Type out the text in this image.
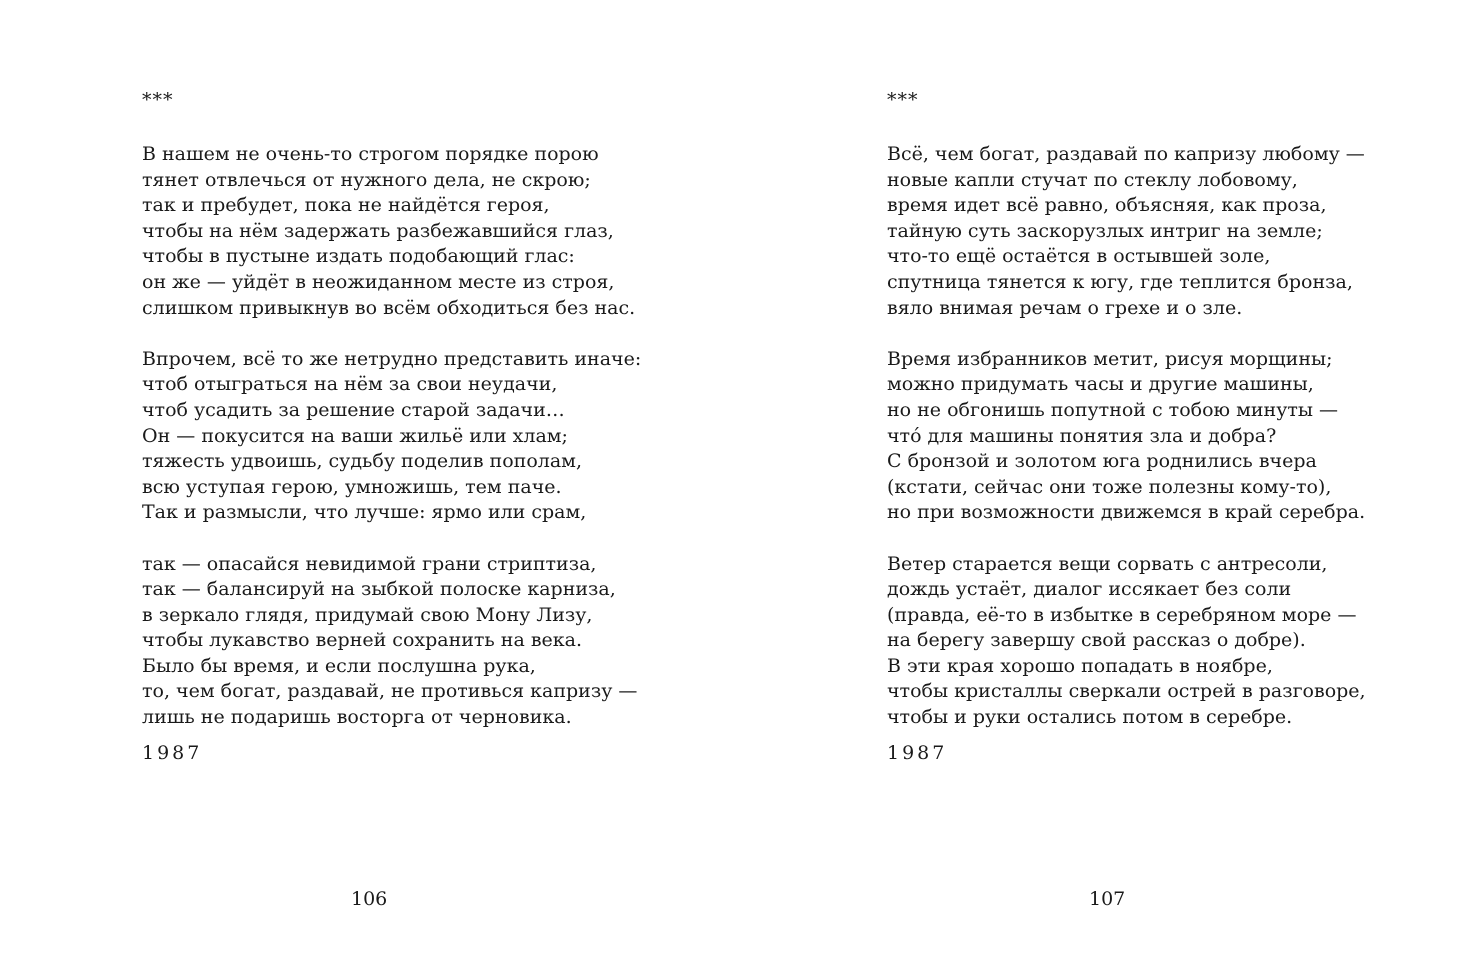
***
В нашем не очень-то строгом порядке порою
тянет отвлечься от нужного дела, не скрою;
так и пребудет, пока не найдётся героя,
чтобы на нём задержать разбежавшийся глаз,
чтобы в пустыне издать подобающий глас:
он же — уйдёт в неожиданном месте из строя,
слишком привыкнув во всём обходиться без нас.
Впрочем, всё то же нетрудно представить иначе:
чтоб отыграться на нём за свои неудачи,
чтоб усадить за решение старой задачи…
Он — покусится на ваши жильё или хлам;
тяжесть удвоишь, судьбу поделив пополам,
всю уступая герою, умножишь, тем паче.
Так и размысли, что лучше: ярмо или срам,
так — опасайся невидимой грани стриптиза,
так — балансируй на зыбкой полоске карниза,
в зеркало глядя, придумай свою Мону Лизу,
чтобы лукавство верней сохранить на века.
Было бы время, и если послушна рука,
то, чем богат, раздавай, не противься капризу —
лишь не подаришь восторга от черновика.
1987
106
***
Всё, чем богат, раздавай по капризу любому —
новые капли стучат по стеклу лобовому,
время идет всё равно, объясняя, как проза,
тайную суть заскорузлых интриг на земле;
что-то ещё остаётся в остывшей золе,
спутница тянется к югу, где теплится бронза,
вяло внимая речам о грехе и о зле.
Время избранников метит, рисуя морщины;
можно придумать часы и другие машины,
но не обгонишь попутной с тобою минуты —
что́ для машины понятия зла и добра?
С бронзой и золотом юга роднились вчера
(кстати, сейчас они тоже полезны кому-то),
но при возможности движемся в край серебра.
Ветер старается вещи сорвать с антресоли,
дождь устаёт, диалог иссякает без соли
(правда, её-то в избытке в серебряном море —
на берегу завершу свой рассказ о добре).
В эти края хорошо попадать в ноябре,
чтобы кристаллы сверкали острей в разговоре,
чтобы и руки остались потом в серебре.
1987
107
